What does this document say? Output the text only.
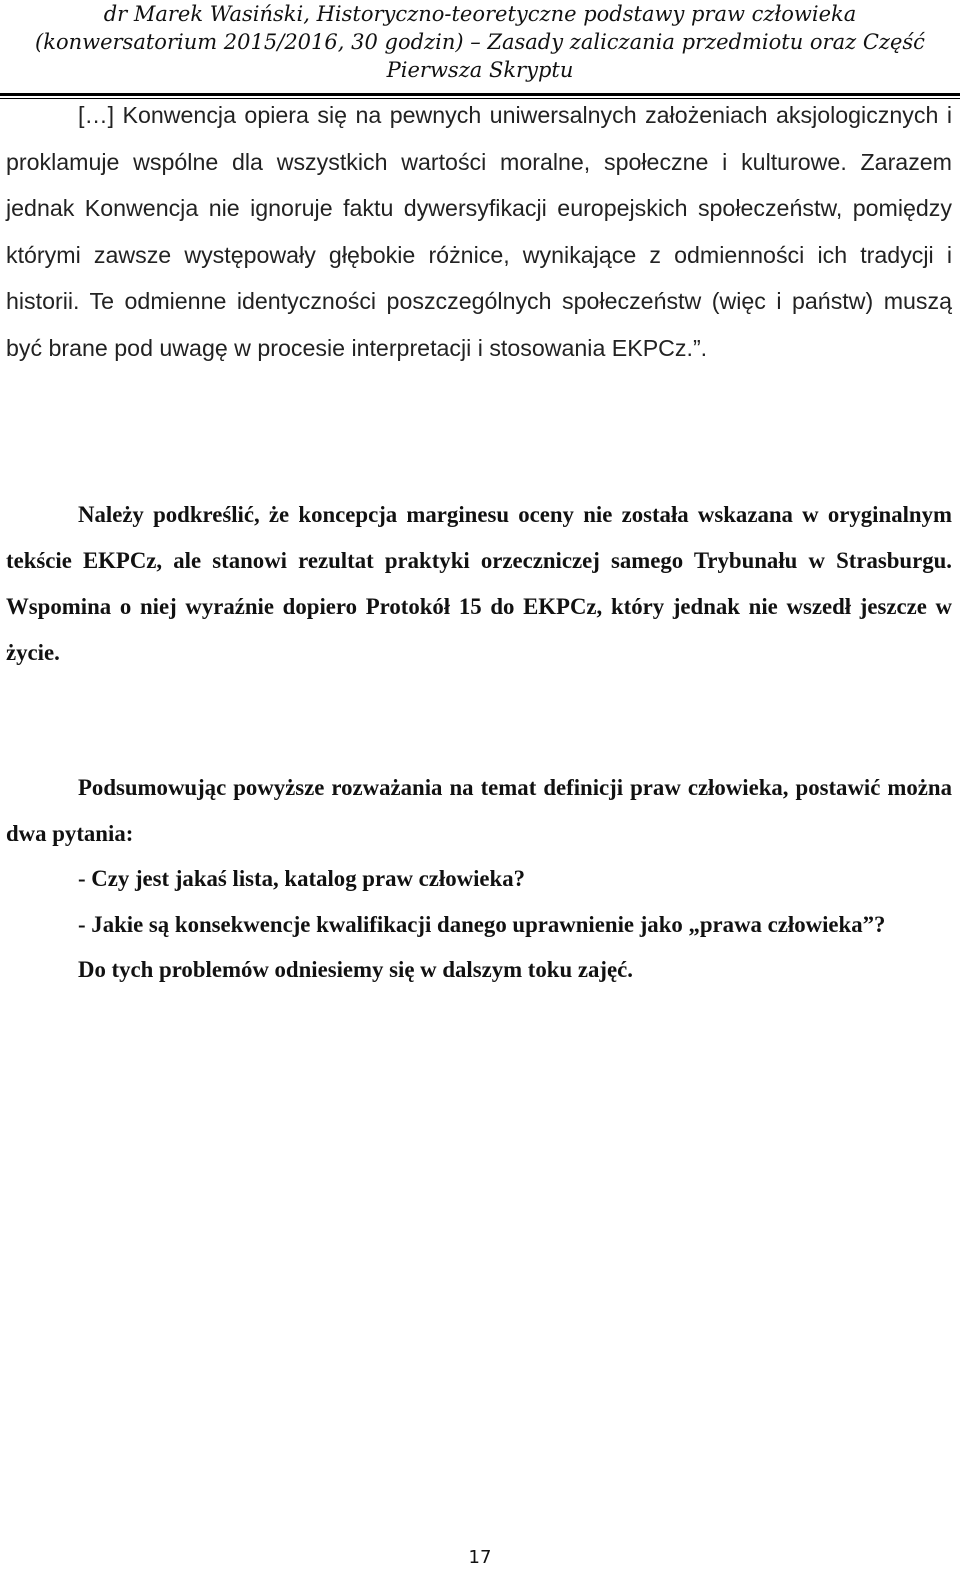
dr Marek Wasiński, Historyczno-teoretyczne podstawy praw człowieka
(konwersatorium 2015/2016, 30 godzin) – Zasady zaliczania przedmiotu oraz Część
Pierwsza Skryptu

[…] Konwencja opiera się na pewnych uniwersalnych założeniach aksjologicznych i proklamuje wspólne dla wszystkich wartości moralne, społeczne i kulturowe. Zarazem jednak Konwencja nie ignoruje faktu dywersyfikacji europejskich społeczeństw, pomiędzy którymi zawsze występowały głębokie różnice, wynikające z odmienności ich tradycji i historii. Te odmienne identyczności poszczególnych społeczeństw (więc i państw) muszą być brane pod uwagę w procesie interpretacji i stosowania EKPCz.”.

Należy podkreślić, że koncepcja marginesu oceny nie została wskazana w oryginalnym tekście EKPCz, ale stanowi rezultat praktyki orzeczniczej samego Trybunału w Strasburgu. Wspomina o niej wyraźnie dopiero Protokół 15 do EKPCz, który jednak nie wszedł jeszcze w życie.

Podsumowując powyższe rozważania na temat definicji praw człowieka, postawić można dwa pytania:

- Czy jest jakaś lista, katalog praw człowieka?

- Jakie są konsekwencje kwalifikacji danego uprawnienie jako „prawa człowieka”?

Do tych problemów odniesiemy się w dalszym toku zajęć.

17
